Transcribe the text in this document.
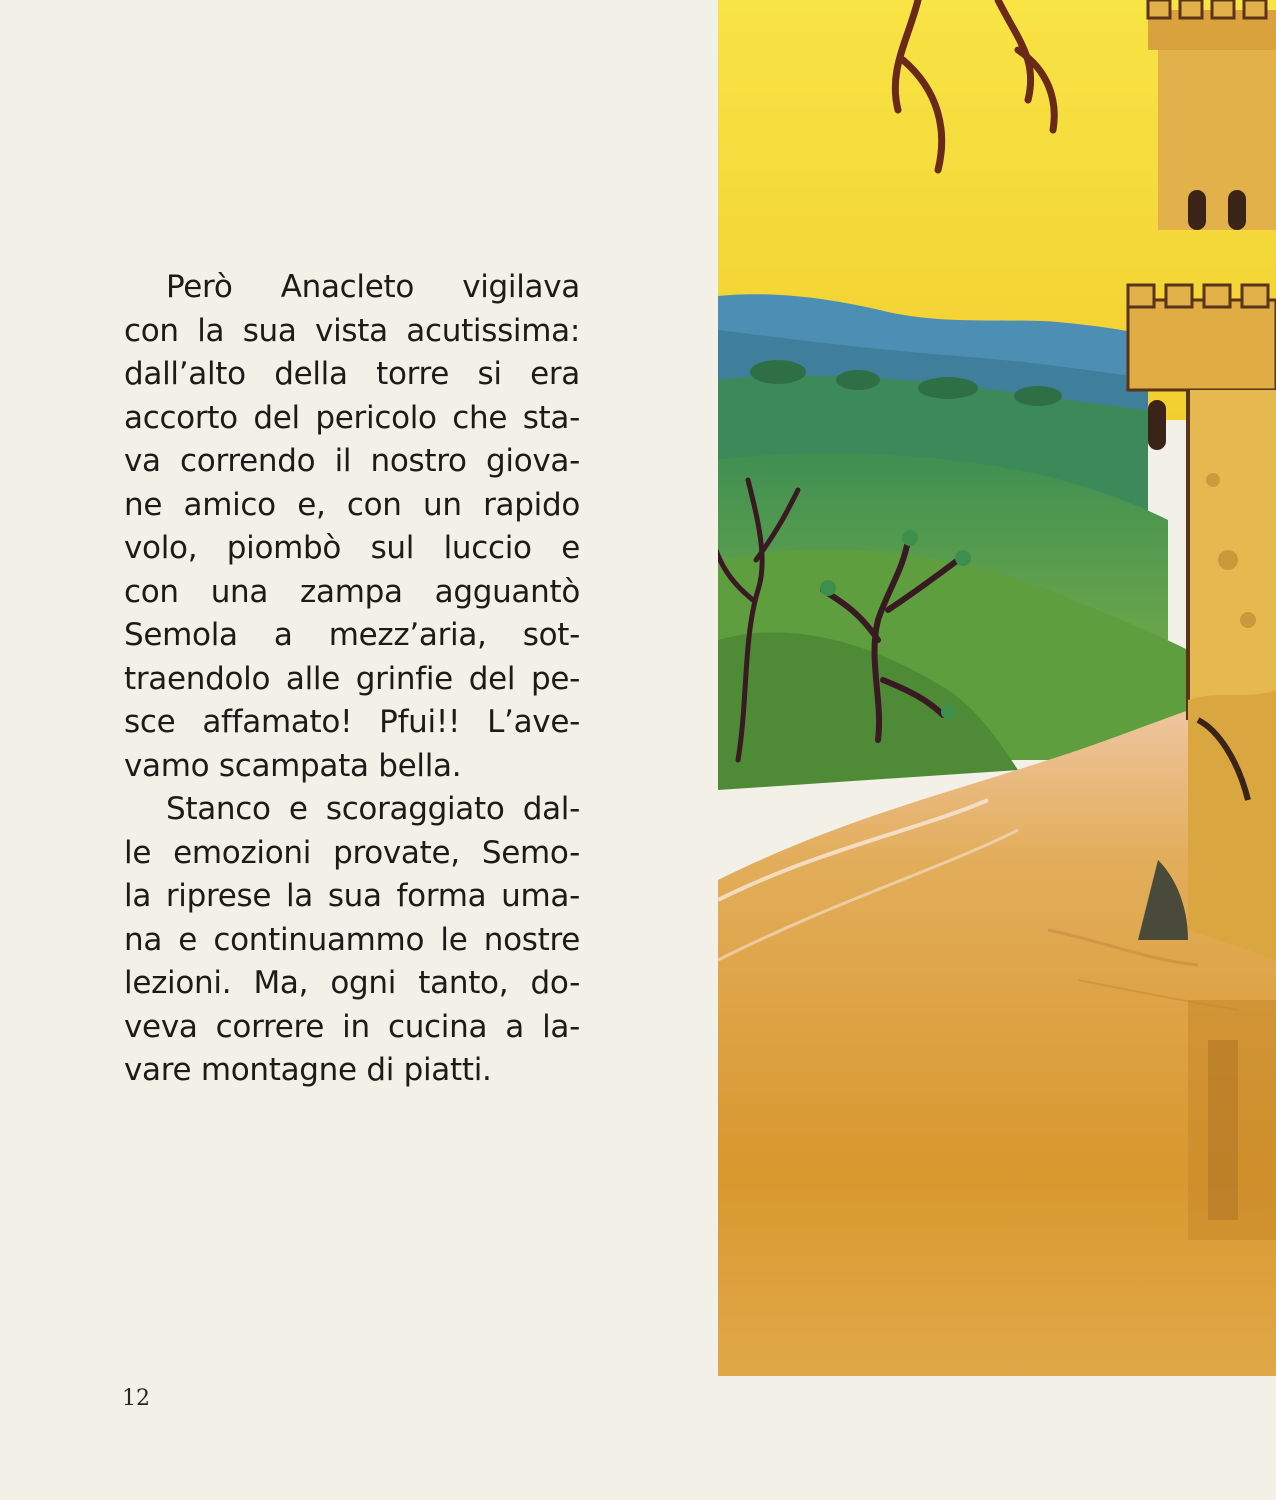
Però Anacleto vigilava
con la sua vista acutissima:
dall’alto della torre si era
accorto del pericolo che sta-
va correndo il nostro giova-
ne amico e, con un rapido
volo, piombò sul luccio e
con una zampa agguantò
Semola a mezz’aria, sot-
traendolo alle grinfie del pe-
sce affamato! Pfui!! L’ave-
vamo scampata bella.

Stanco e scoraggiato dal-
le emozioni provate, Semo-
la riprese la sua forma uma-
na e continuammo le nostre
lezioni. Ma, ogni tanto, do-
veva correre in cucina a la-
vare montagne di piatti.

12
